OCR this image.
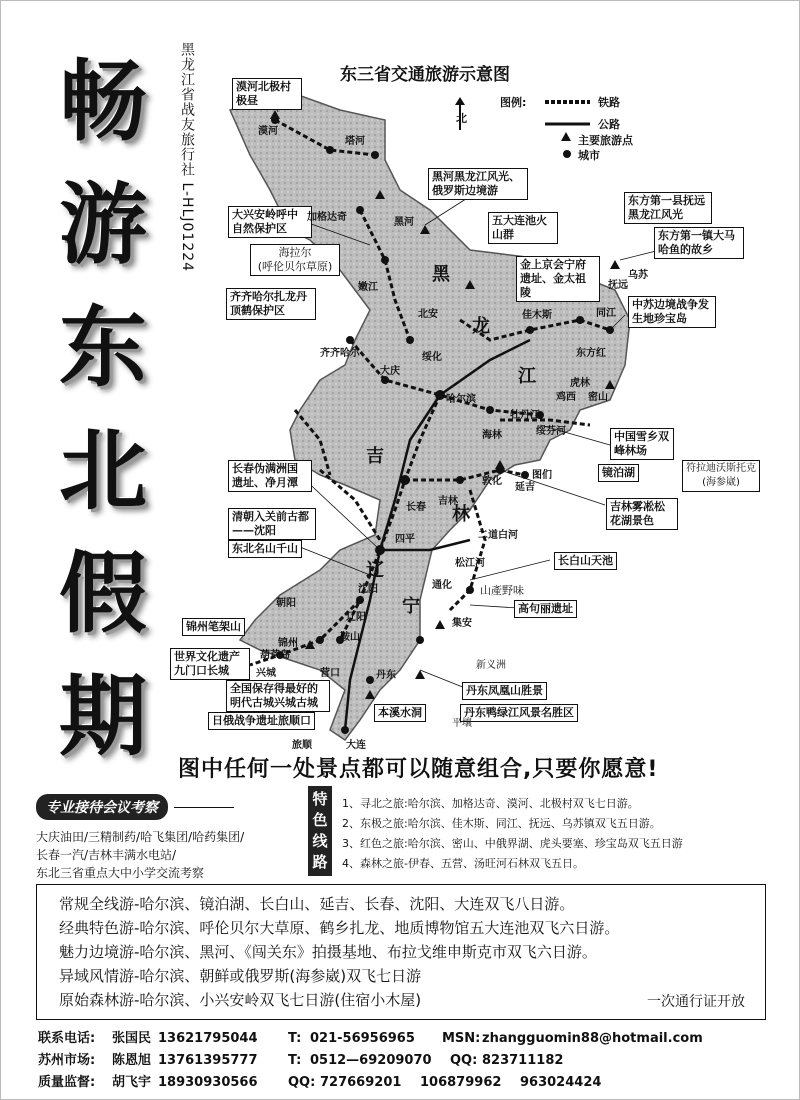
畅
游
东
北
假
期
黑龙江省战友旅行社 L-HLJ01224	东三省交通旅游示意图
北
图例:	铁路
公路
主要旅游点
城市
漠河北极村极昼
黑河黑龙江风光、俄罗斯边境游
大兴安岭呼中自然保护区
五大连池火山群
金上京会宁府遗址、金太祖陵
东方第一县抚远黑龙江风光
东方第一镇大马哈鱼的故乡
齐齐哈尔扎龙丹顶鹤保护区	中苏边境战争发生地珍宝岛
中国雪乡双峰林场
镜泊湖
长春伪满洲国遗址、净月潭
吉林雾凇松花湖景色
清朝入关前古都——沈阳
东北名山千山
长白山天池
高句丽遗址
锦州笔架山
世界文化遗产九门口长城
丹东凤凰山胜景
全国保存得最好的明代古城兴城古城
丹东鸭绿江风景名胜区
日俄战争遗址旅顺口
本溪水洞
海拉尔
(呼伦贝尔草原)
符拉迪沃斯托克
(海参崴)
山產野味
漠河
塔河
加格达奇	黑河
嫩江
北安
齐齐哈尔	绥化
大庆
哈尔滨
佳木斯	同江
抚远
乌苏
东方红
虎林
鸡西 密山
牡丹江
绥芬河
海林
长春
吉林
敦化
延吉
图们
二道白河
四平
通化
松江河
集安
沈阳
辽阳
鞍山
朝阳
锦州
葫芦岛
兴城	丹东
营口
大连
旅顺
新义洲
平壤
黑
龙
江
吉
林
辽
宁
图中任何一处景点都可以随意组合,只要你愿意!
专业接待会议考察
大庆油田/三精制药/哈飞集团/哈药集团/
长春一汽/吉林丰满水电站/
东北三省重点大中小学交流考察
特
色
线
路
1、寻北之旅:哈尔滨、加格达奇、漠河、北极村双飞七日游。
2、东极之旅:哈尔滨、佳木斯、同江、抚远、乌苏镇双飞五日游。
3、红色之旅:哈尔滨、密山、中俄界湖、虎头要塞、珍宝岛双飞五日游
4、森林之旅-伊春、五营、汤旺河石林双飞五日。
常规全线游-哈尔滨、镜泊湖、长白山、延吉、长春、沈阳、大连双飞八日游。
经典特色游-哈尔滨、呼伦贝尔大草原、鹤乡扎龙、地质博物馆五大连池双飞六日游。
魅力边境游-哈尔滨、黑河、《闯关东》拍摄基地、布拉戈维申斯克市双飞六日游。
异域风情游-哈尔滨、朝鲜或俄罗斯(海参崴)双飞七日游
原始森林游-哈尔滨、小兴安岭双飞七日游(住宿小木屋)	一次通行证开放
联系电话: 张国民 13621795044 T: 021-56956965 MSN: zhangguomin88@hotmail.com
苏州市场: 陈恩旭 13761395777 T: 0512—69209070 QQ: 823711182
质量监督: 胡飞宇 18930930566 QQ: 727669201 106879962 963024424
